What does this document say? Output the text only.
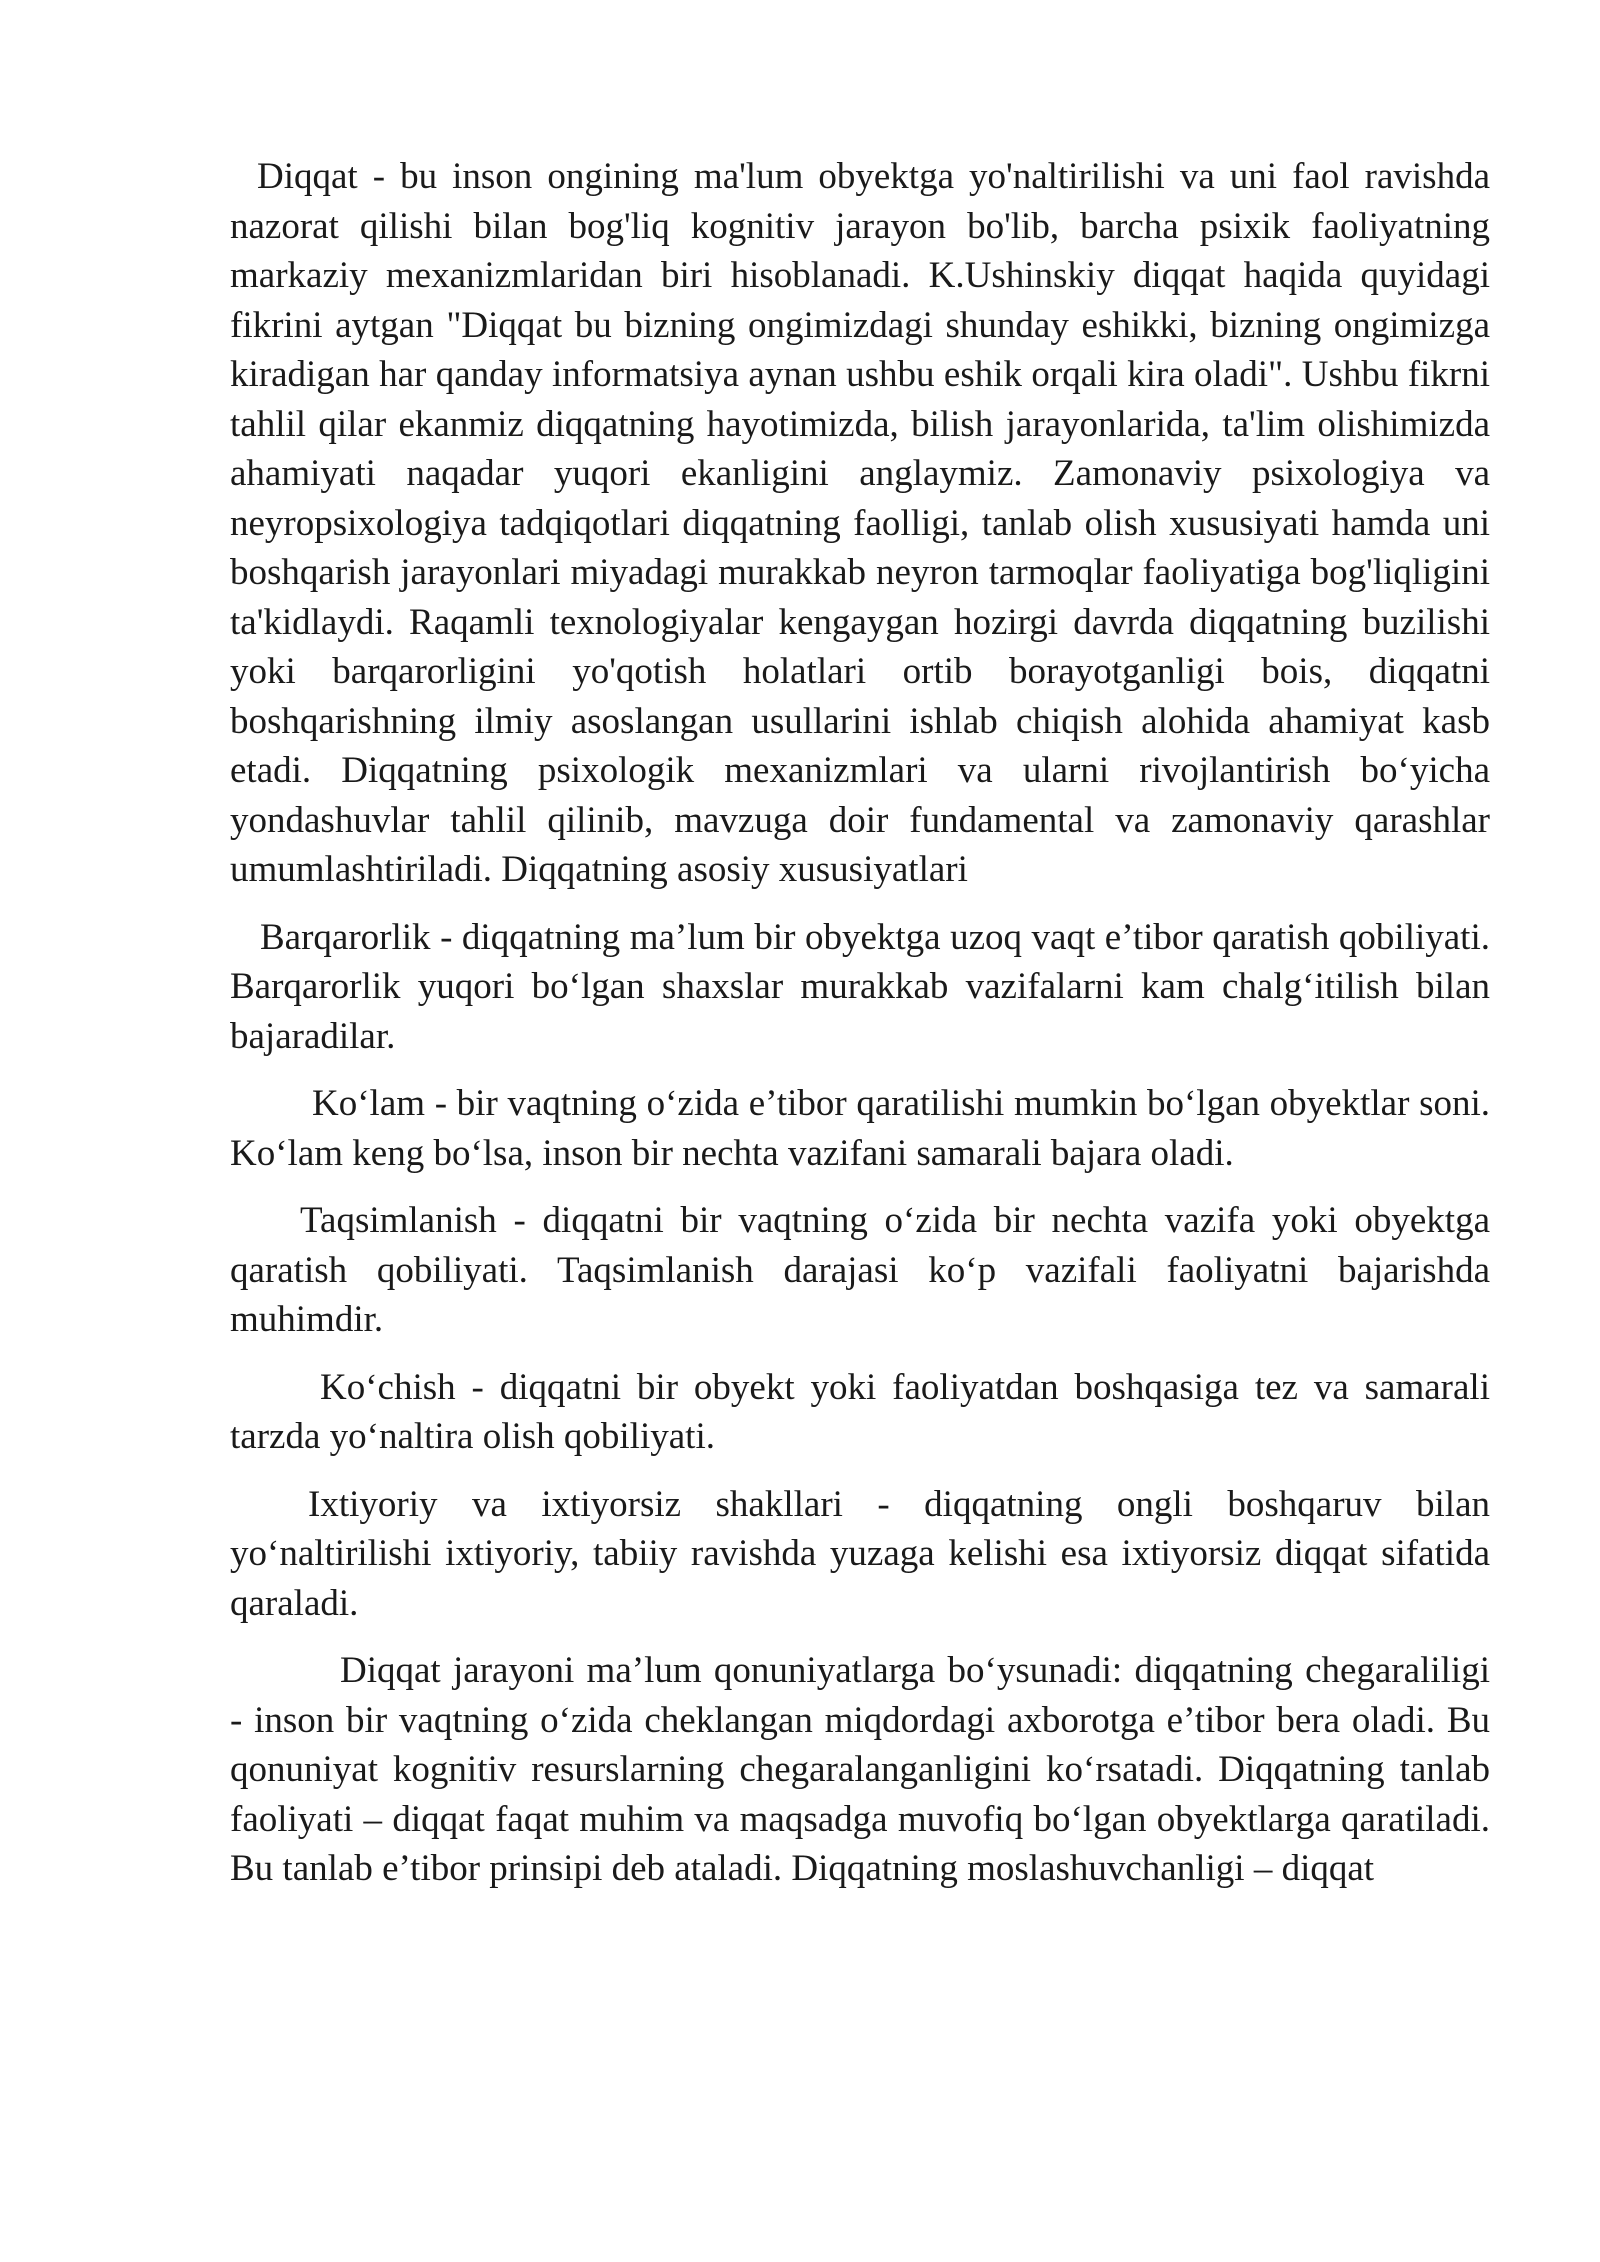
Diqqat - bu inson ongining ma'lum obyektga yo'naltirilishi va uni faol ravishda nazorat qilishi bilan bog'liq kognitiv jarayon bo'lib, barcha psixik faoliyatning markaziy mexanizmlaridan biri hisoblanadi. K.Ushinskiy diqqat haqida quyidagi fikrini aytgan "Diqqat bu bizning ongimizdagi shunday eshikki, bizning ongimizga kiradigan har qanday informatsiya aynan ushbu eshik orqali kira oladi". Ushbu fikrni tahlil qilar ekanmiz diqqatning hayotimizda, bilish jarayonlarida, ta'lim olishimizda ahamiyati naqadar yuqori ekanligini anglaymiz. Zamonaviy psixologiya va neyropsixologiya tadqiqotlari diqqatning faolligi, tanlab olish xususiyati hamda uni boshqarish jarayonlari miyadagi murakkab neyron tarmoqlar faoliyatiga bog'liqligini ta'kidlaydi. Raqamli texnologiyalar kengaygan hozirgi davrda diqqatning buzilishi yoki barqarorligini yo'qotish holatlari ortib borayotganligi bois, diqqatni boshqarishning ilmiy asoslangan usullarini ishlab chiqish alohida ahamiyat kasb etadi. Diqqatning psixologik mexanizmlari va ularni rivojlantirish bo‘yicha yondashuvlar tahlil qilinib, mavzuga doir fundamental va zamonaviy qarashlar umumlashtiriladi. Diqqatning asosiy xususiyatlari

Barqarorlik - diqqatning ma’lum bir obyektga uzoq vaqt e’tibor qaratish qobiliyati. Barqarorlik yuqori bo‘lgan shaxslar murakkab vazifalarni kam chalg‘itilish bilan bajaradilar.

Ko‘lam - bir vaqtning o‘zida e’tibor qaratilishi mumkin bo‘lgan obyektlar soni. Ko‘lam keng bo‘lsa, inson bir nechta vazifani samarali bajara oladi.

Taqsimlanish - diqqatni bir vaqtning o‘zida bir nechta vazifa yoki obyektga qaratish qobiliyati. Taqsimlanish darajasi ko‘p vazifali faoliyatni bajarishda muhimdir.

Ko‘chish - diqqatni bir obyekt yoki faoliyatdan boshqasiga tez va samarali tarzda yo‘naltira olish qobiliyati.

Ixtiyoriy va ixtiyorsiz shakllari - diqqatning ongli boshqaruv bilan yo‘naltirilishi ixtiyoriy, tabiiy ravishda yuzaga kelishi esa ixtiyorsiz diqqat sifatida qaraladi.

Diqqat jarayoni ma’lum qonuniyatlarga bo‘ysunadi: diqqatning chegaraliligi - inson bir vaqtning o‘zida cheklangan miqdordagi axborotga e’tibor bera oladi. Bu qonuniyat kognitiv resurslarning chegaralanganligini ko‘rsatadi. Diqqatning tanlab faoliyati – diqqat faqat muhim va maqsadga muvofiq bo‘lgan obyektlarga qaratiladi. Bu tanlab e’tibor prinsipi deb ataladi. Diqqatning moslashuvchanligi – diqqat
